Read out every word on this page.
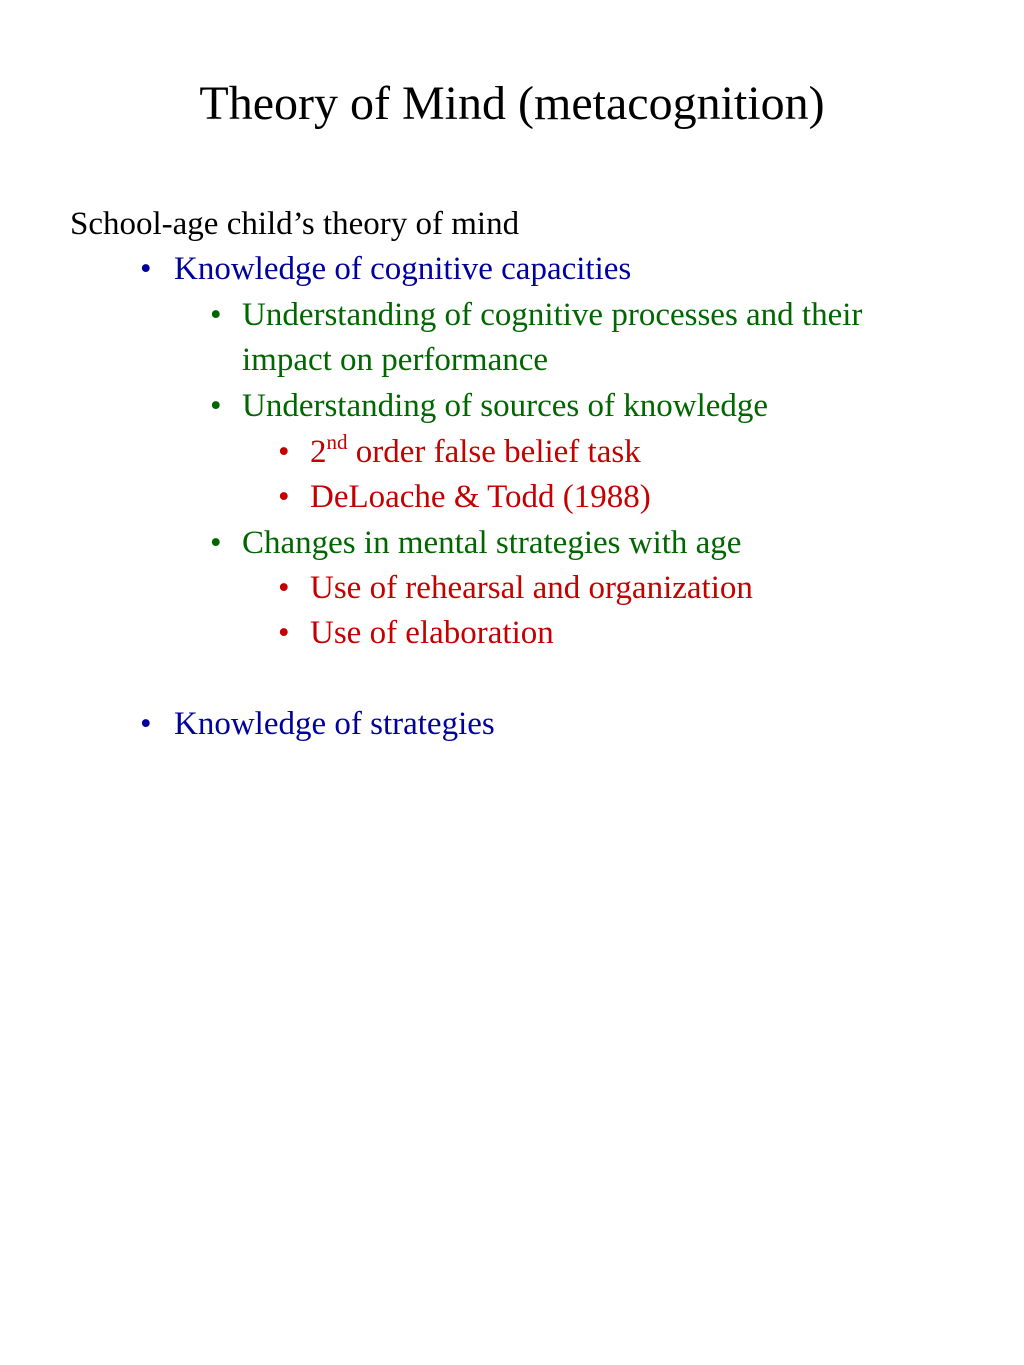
Theory of Mind (metacognition)
School-age child’s theory of mind
• Knowledge of cognitive capacities
• Understanding of cognitive processes and their
impact on performance
• Understanding of sources of knowledge
• 2nd order false belief task
• DeLoache & Todd (1988)
• Changes in mental strategies with age
• Use of rehearsal and organization
• Use of elaboration
• Knowledge of strategies
